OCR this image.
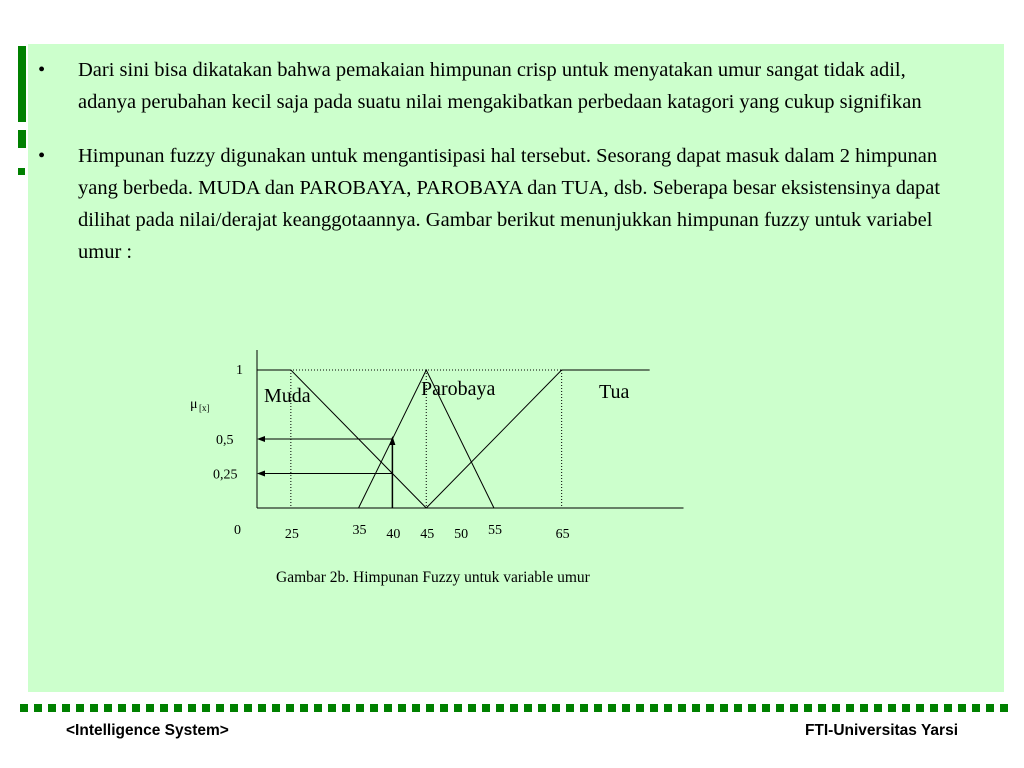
• Dari sini bisa dikatakan bahwa pemakaian himpunan crisp untuk menyatakan umur sangat tidak adil, adanya perubahan kecil saja pada suatu nilai mengakibatkan perbedaan katagori yang cukup signifikan
• Himpunan fuzzy digunakan untuk mengantisipasi hal tersebut. Sesorang dapat masuk dalam 2 himpunan yang berbeda. MUDA dan PAROBAYA, PAROBAYA dan TUA, dsb. Seberapa besar eksistensinya dapat dilihat pada nilai/derajat keanggotaannya. Gambar berikut menunjukkan himpunan fuzzy untuk variabel umur :
1
0,5
0,25
0
μ [x]
25	35 40 45 50 55	65
Muda	Parobaya	Tua
Gambar 2b. Himpunan Fuzzy untuk variable umur
<Intelligence System>	FTI-Universitas Yarsi
